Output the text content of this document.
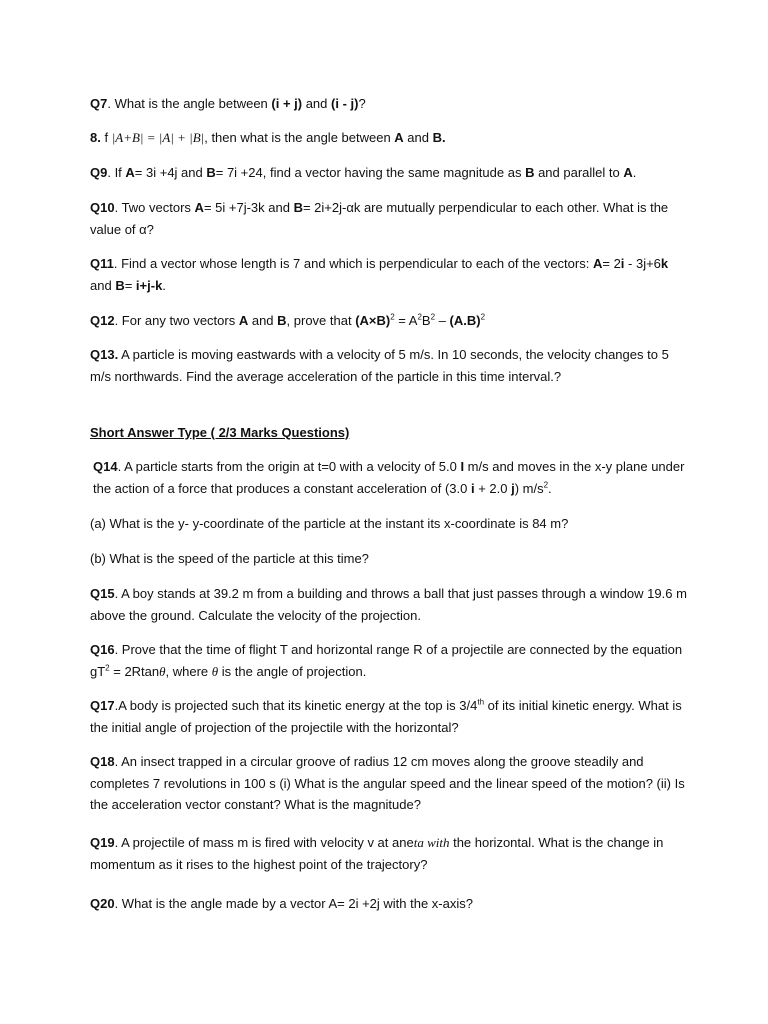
Q7. What is the angle between (i + j) and (i - j)?

8. f |A+B| = |A| + |B|, then what is the angle between A and B.

Q9. If A= 3i +4j and B= 7i +24, find a vector having the same magnitude as B and parallel to A.

Q10. Two vectors A= 5i +7j-3k and B= 2i+2j-αk are mutually perpendicular to each other. What is the value of α?

Q11. Find a vector whose length is 7 and which is perpendicular to each of the vectors: A= 2i - 3j+6k and B= i+j-k.

Q12. For any two vectors A and B, prove that $(A\times B)^2 = A^2B^2 - (A.B)^2$

Q13. A particle is moving eastwards with a velocity of 5 m/s. In 10 seconds, the velocity changes to 5 m/s northwards. Find the average acceleration of the particle in this time interval.?

Short Answer Type ( 2/3 Marks Questions)

Q14. A particle starts from the origin at t=0 with a velocity of 5.0 I m/s and moves in the x-y plane under the action of a force that produces a constant acceleration of (3.0 i + 2.0 j) $m/s^2$.

(a) What is the y- y-coordinate of the particle at the instant its x-coordinate is 84 m?

(b) What is the speed of the particle at this time?

Q15. A boy stands at 39.2 m from a building and throws a ball that just passes through a window 19.6 m above the ground. Calculate the velocity of the projection.

Q16. Prove that the time of flight T and horizontal range R of a projectile are connected by the equation $gT^2 = 2Rtan\theta$, where θ is the angle of projection.

Q17.A body is projected such that its kinetic energy at the top is 3/4th of its initial kinetic energy. What is the initial angle of projection of the projectile with the horizontal?

Q18. An insect trapped in a circular groove of radius 12 cm moves along the groove steadily and completes 7 revolutions in 100 s (i) What is the angular speed and the linear speed of the motion? (ii) Is the acceleration vector constant? What is the magnitude?

Q19. A projectile of mass m is fired with velocity v at aneta with the horizontal. What is the change in momentum as it rises to the highest point of the trajectory?

Q20. What is the angle made by a vector A= 2i +2j with the x-axis?
